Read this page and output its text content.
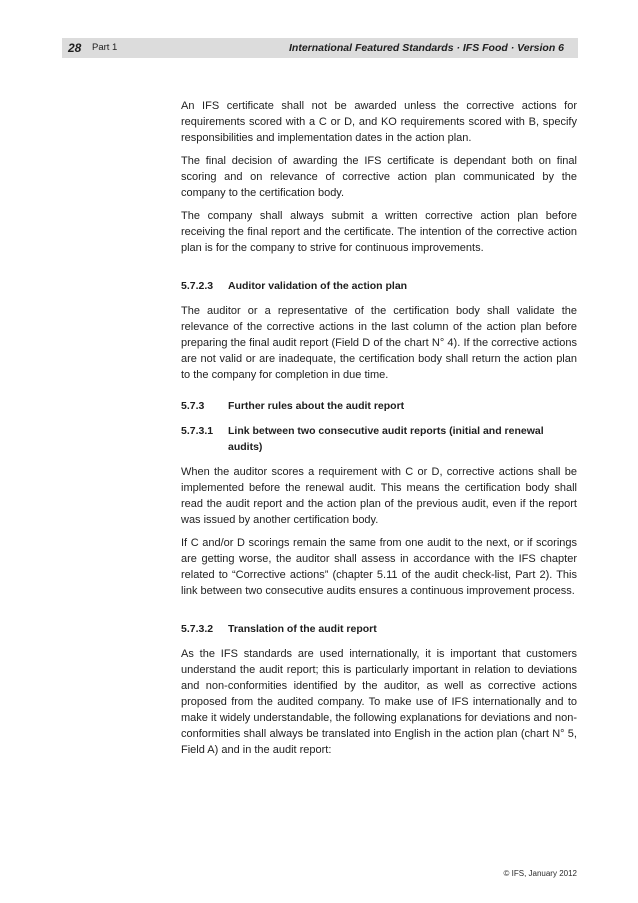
28 Part 1	International Featured Standards · IFS Food · Version 6

An IFS certificate shall not be awarded unless the corrective actions for requirements scored with a C or D, and KO requirements scored with B, specify responsibilities and implementation dates in the action plan.

The final decision of awarding the IFS certificate is dependant both on final scoring and on relevance of corrective action plan communicated by the company to the certification body.

The company shall always submit a written corrective action plan before receiving the final report and the certificate. The intention of the corrective action plan is for the company to strive for continuous improvements.

5.7.2.3	Auditor validation of the action plan

The auditor or a representative of the certification body shall validate the relevance of the corrective actions in the last column of the action plan before preparing the final audit report (Field D of the chart N° 4). If the corrective actions are not valid or are inadequate, the certification body shall return the action plan to the company for completion in due time.

5.7.3	Further rules about the audit report
5.7.3.1	Link between two consecutive audit reports (initial and renewal audits)

When the auditor scores a requirement with C or D, corrective actions shall be implemented before the renewal audit. This means the certification body shall read the audit report and the action plan of the previous audit, even if the report was issued by another certification body.

If C and/or D scorings remain the same from one audit to the next, or if scorings are getting worse, the auditor shall assess in accordance with the IFS chapter related to “Corrective actions” (chapter 5.11 of the audit check-list, Part 2). This link between two consecutive audits ensures a continuous improvement process.

5.7.3.2	Translation of the audit report

As the IFS standards are used internationally, it is important that customers understand the audit report; this is particularly important in relation to deviations and non-conformities identified by the auditor, as well as corrective actions proposed from the audited company. To make use of IFS internationally and to make it widely understandable, the following explanations for deviations and non-conformities shall always be translated into English in the action plan (chart N° 5, Field A) and in the audit report:

© IFS, January 2012
